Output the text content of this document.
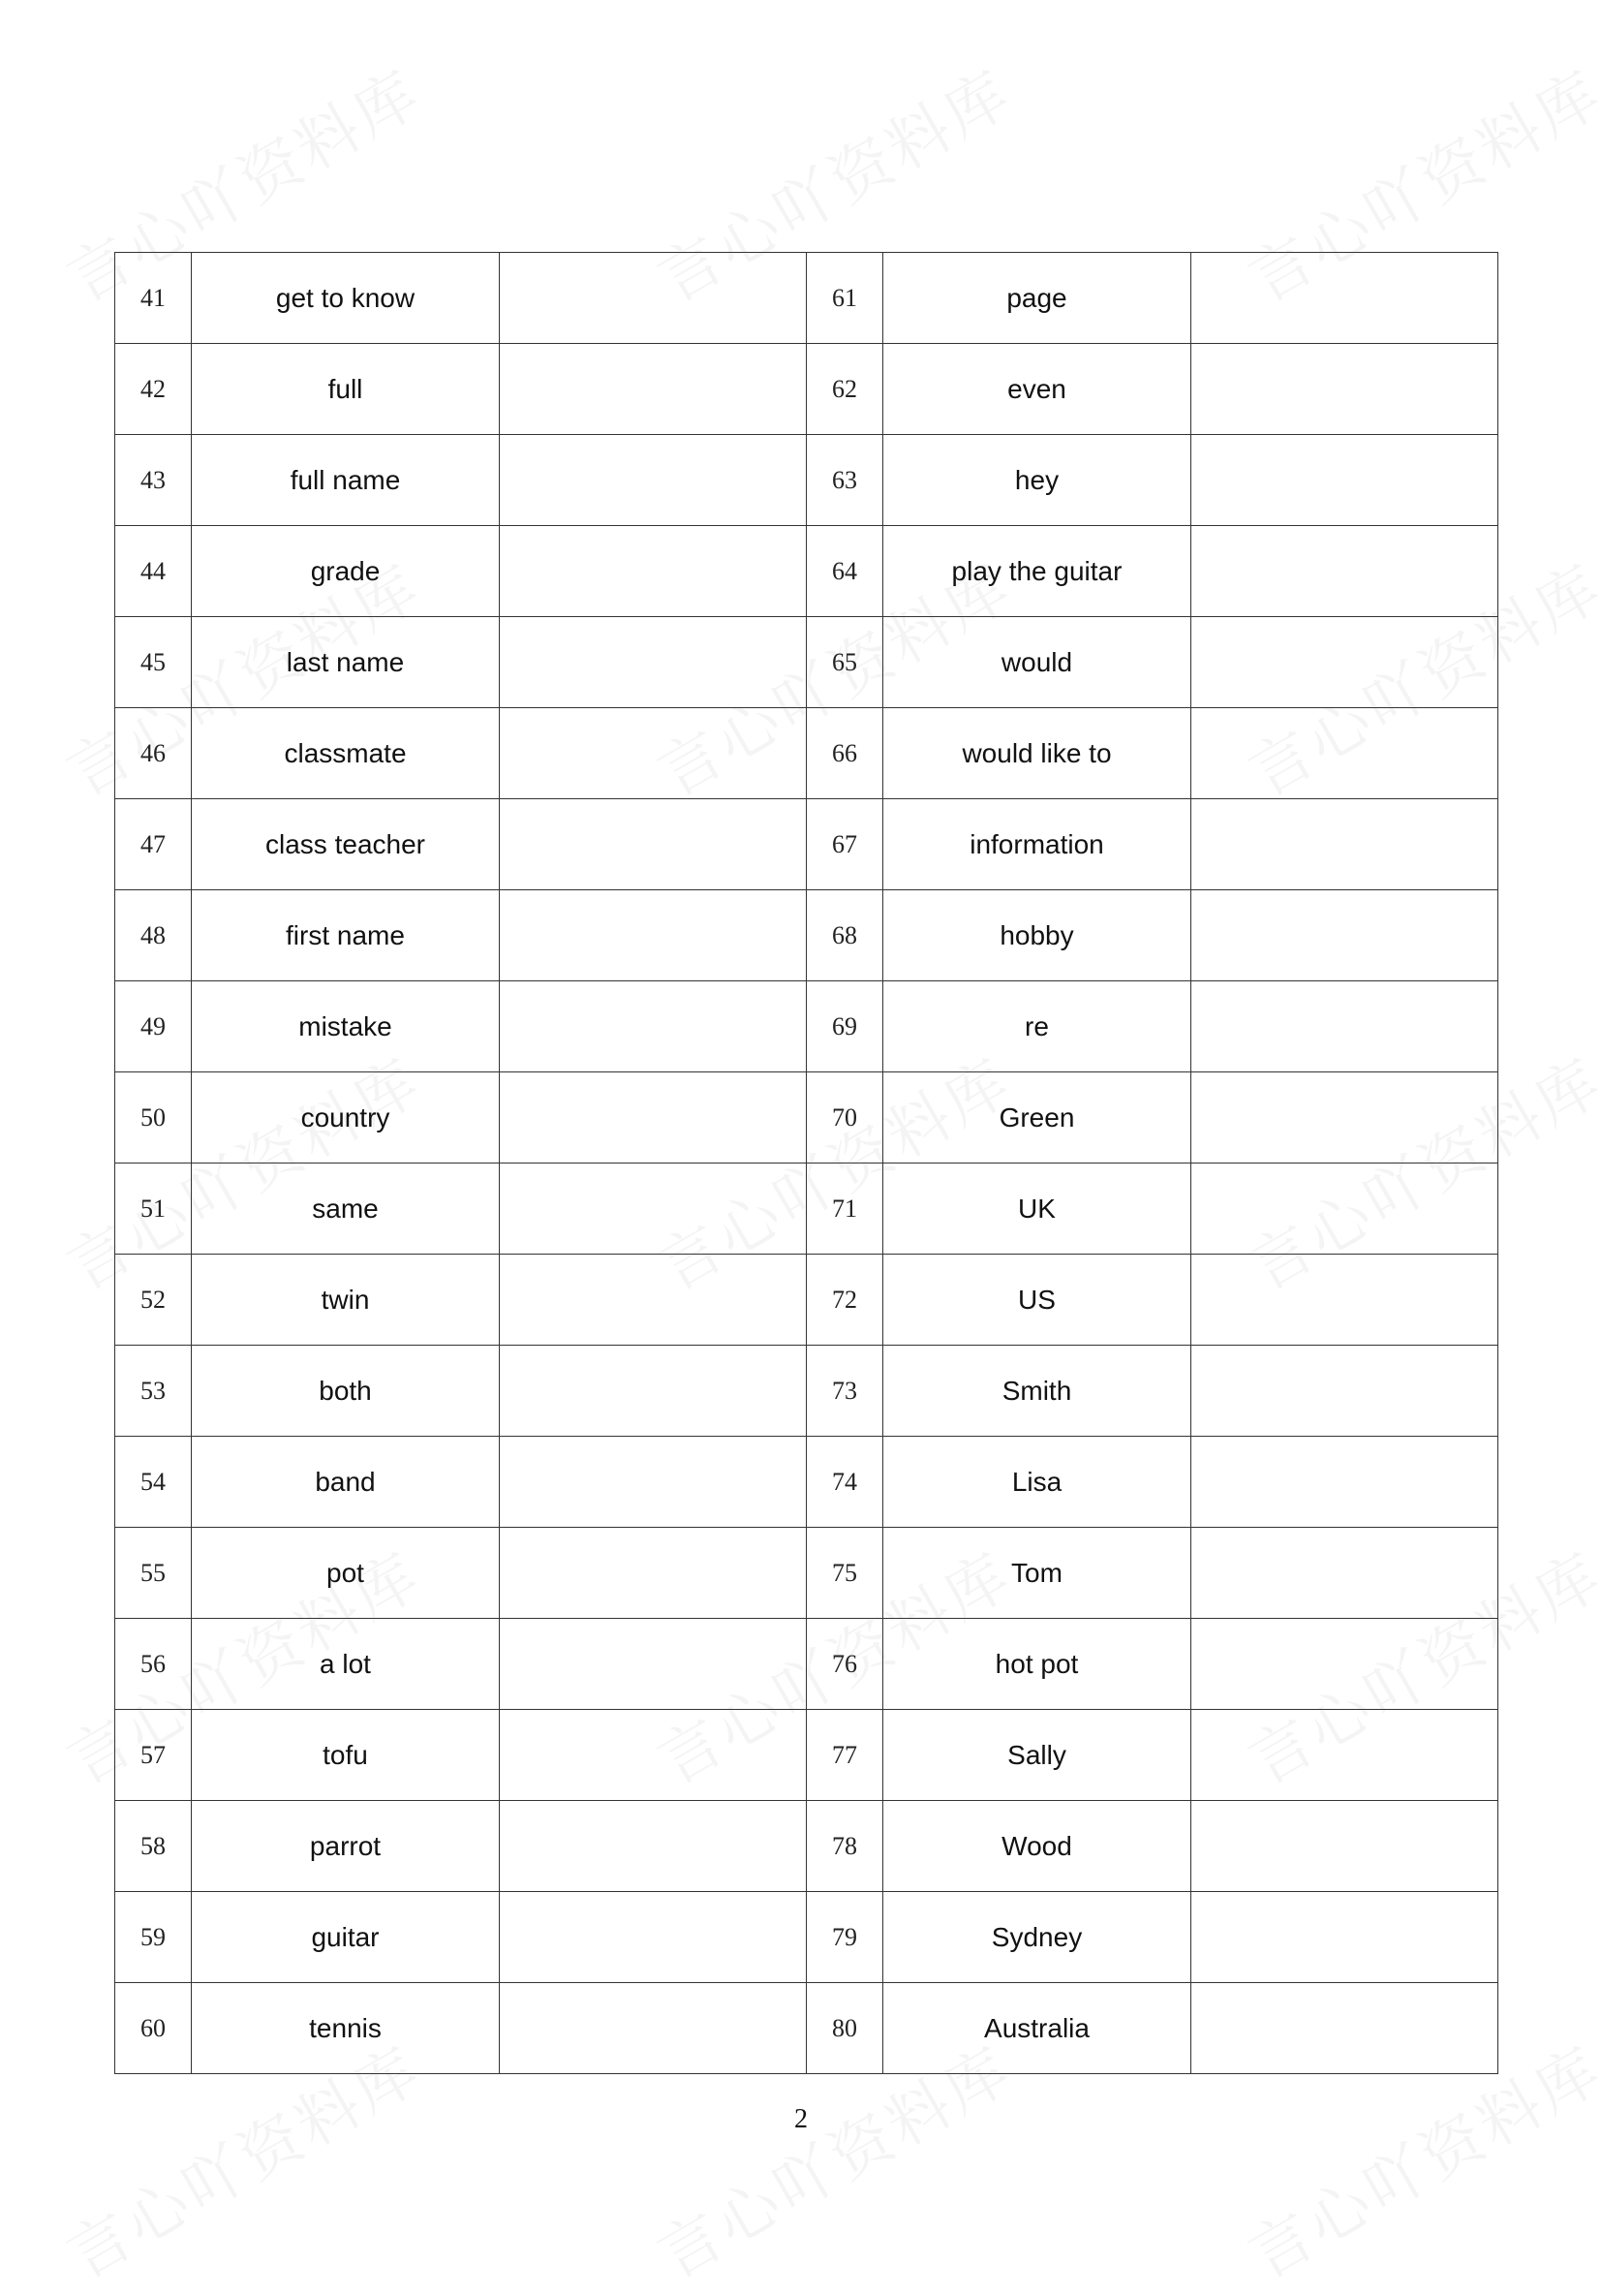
41	get to know		61	page	
42	full		62	even	
43	full name		63	hey	
44	grade		64	play the guitar	
45	last name		65	would	
46	classmate		66	would like to	
47	class teacher		67	information	
48	first name		68	hobby	
49	mistake		69	re	
50	country		70	Green	
51	same		71	UK	
52	twin		72	US	
53	both		73	Smith	
54	band		74	Lisa	
55	pot		75	Tom	
56	a lot		76	hot pot	
57	tofu		77	Sally	
58	parrot		78	Wood	
59	guitar		79	Sydney	
60	tennis		80	Australia	
2
